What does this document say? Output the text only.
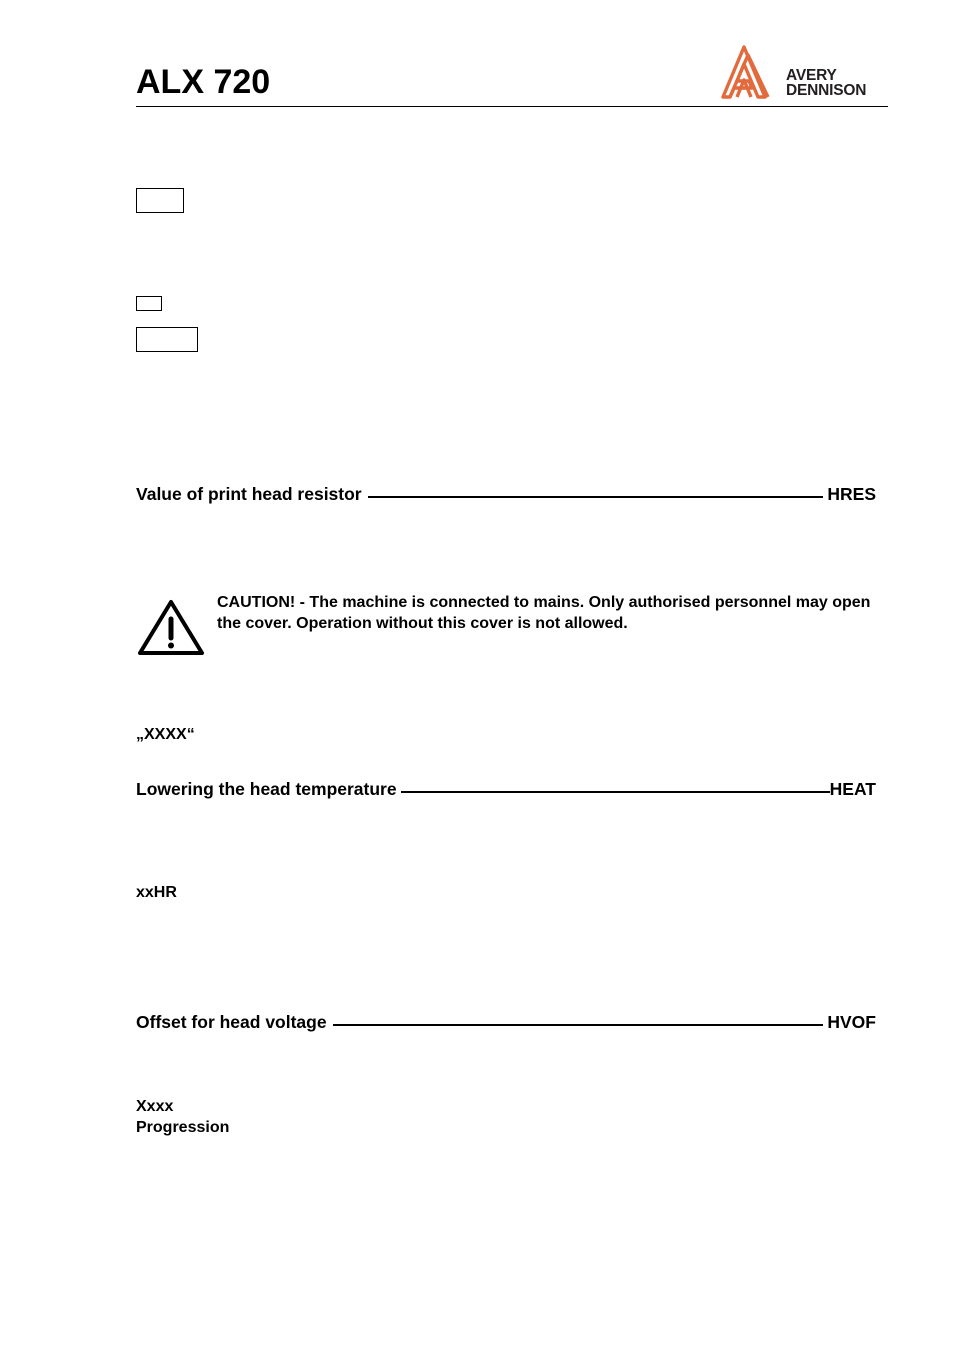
ALX 720	AVERY
DENNISON
Value of print head resistor	HRES
CAUTION! - The machine is connected to mains. Only authorised personnel may open the cover. Operation without this cover is not allowed.
„XXXX“
Lowering the head temperature	HEAT
xxHR
Offset for head voltage	HVOF
Xxxx
Progression
